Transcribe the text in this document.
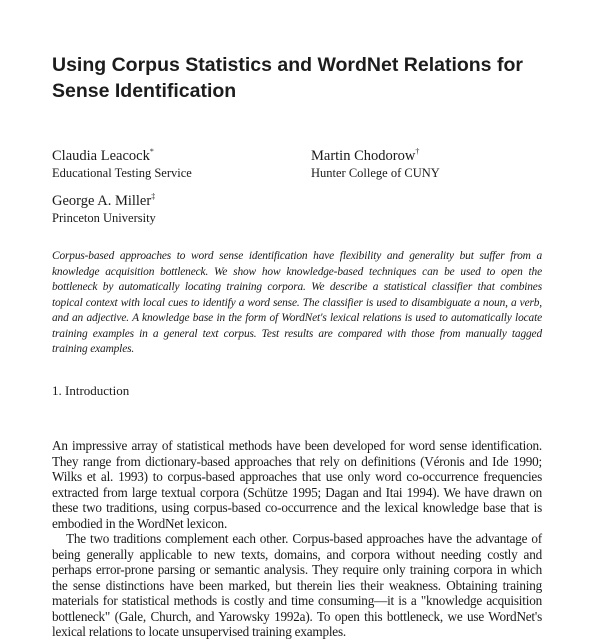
Using Corpus Statistics and WordNet Relations for Sense Identification
Claudia Leacock*
Educational Testing Service
Martin Chodorow†
Hunter College of CUNY
George A. Miller‡
Princeton University

Corpus-based approaches to word sense identification have flexibility and generality but suffer from a knowledge acquisition bottleneck. We show how knowledge-based techniques can be used to open the bottleneck by automatically locating training corpora. We describe a statistical classifier that combines topical context with local cues to identify a word sense. The classifier is used to disambiguate a noun, a verb, and an adjective. A knowledge base in the form of WordNet's lexical relations is used to automatically locate training examples in a general text corpus. Test results are compared with those from manually tagged training examples.

1. Introduction

An impressive array of statistical methods have been developed for word sense identification. They range from dictionary-based approaches that rely on definitions (Véronis and Ide 1990; Wilks et al. 1993) to corpus-based approaches that use only word co-occurrence frequencies extracted from large textual corpora (Schütze 1995; Dagan and Itai 1994). We have drawn on these two traditions, using corpus-based co-occurrence and the lexical knowledge base that is embodied in the WordNet lexicon.

The two traditions complement each other. Corpus-based approaches have the advantage of being generally applicable to new texts, domains, and corpora without needing costly and perhaps error-prone parsing or semantic analysis. They require only training corpora in which the sense distinctions have been marked, but therein lies their weakness. Obtaining training materials for statistical methods is costly and time consuming—it is a "knowledge acquisition bottleneck" (Gale, Church, and Yarowsky 1992a). To open this bottleneck, we use WordNet's lexical relations to locate unsupervised training examples.
